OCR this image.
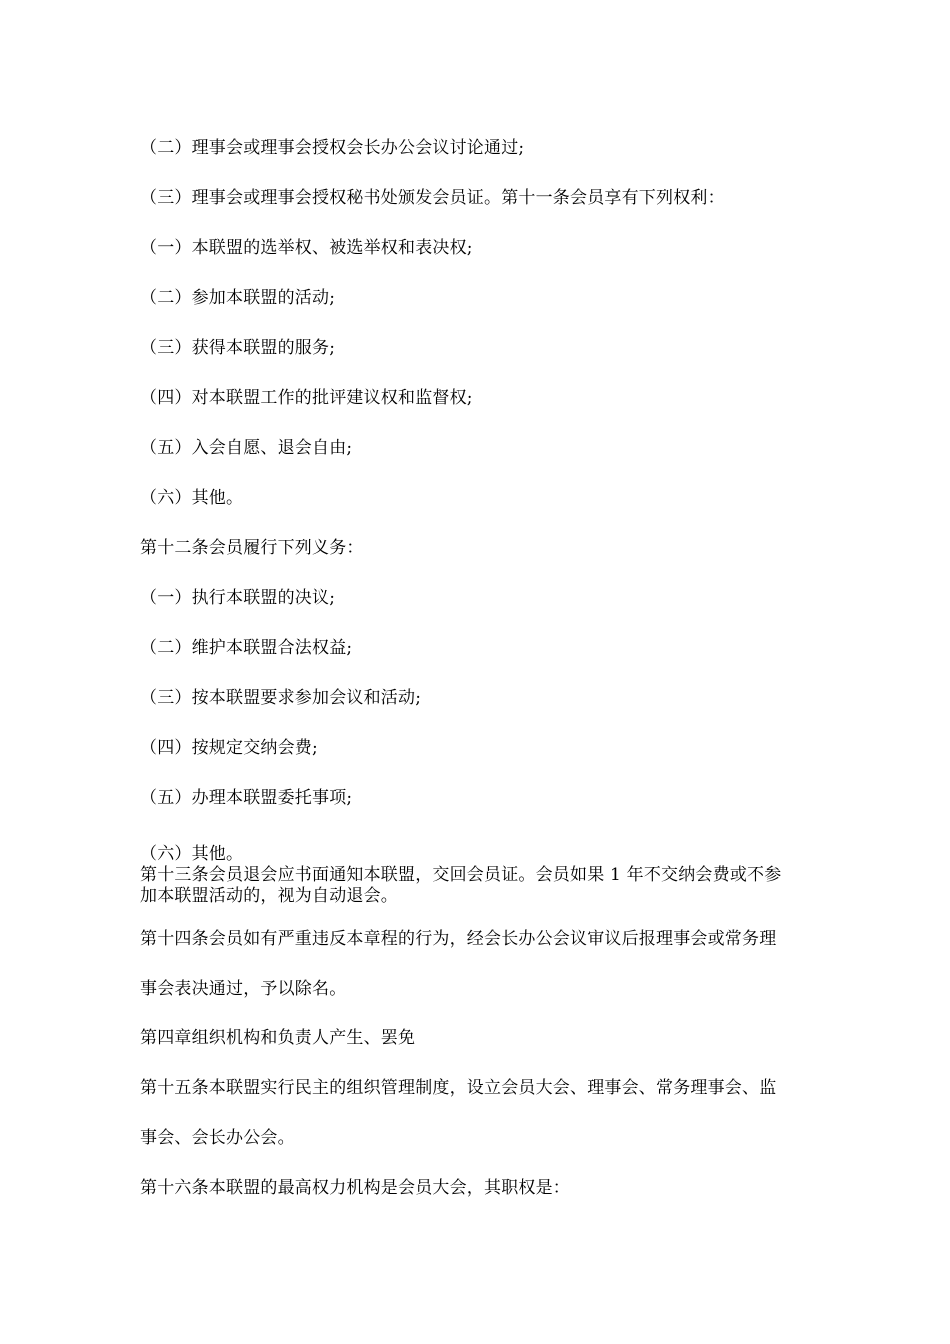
（二）理事会或理事会授权会长办公会议讨论通过;
（三）理事会或理事会授权秘书处颁发会员证。第十一条会员享有下列权利：
（一）本联盟的选举权、被选举权和表决权;
（二）参加本联盟的活动;
（三）获得本联盟的服务;
（四）对本联盟工作的批评建议权和监督权;
（五）入会自愿、退会自由;
（六）其他。
第十二条会员履行下列义务：
（一）执行本联盟的决议;
（二）维护本联盟合法权益;
（三）按本联盟要求参加会议和活动;
（四）按规定交纳会费;
（五）办理本联盟委托事项;
（六）其他。
第十三条会员退会应书面通知本联盟，交回会员证。会员如果 1 年不交纳会费或不参
加本联盟活动的，视为自动退会。
第十四条会员如有严重违反本章程的行为，经会长办公会议审议后报理事会或常务理
事会表决通过，予以除名。
第四章组织机构和负责人产生、罢免
第十五条本联盟实行民主的组织管理制度，设立会员大会、理事会、常务理事会、监
事会、会长办公会。
第十六条本联盟的最高权力机构是会员大会，其职权是：
